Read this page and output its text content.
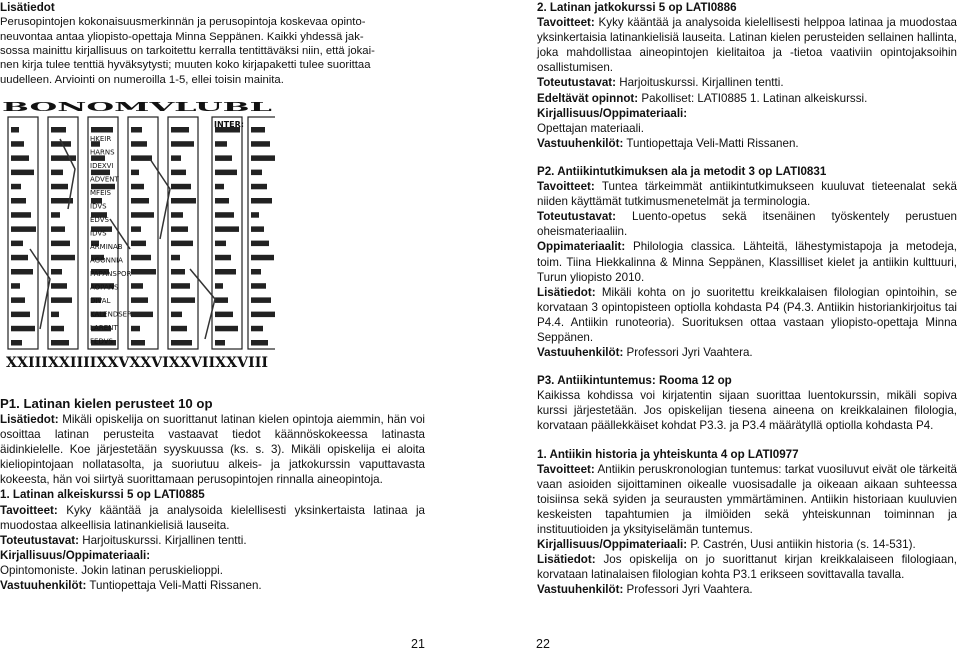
Lisätiedot

Perusopintojen kokonaisuusmerkinnän ja perusopintoja koskevaa opinto-
neuvontaa antaa yliopisto-opettaja Minna Seppänen. Kaikki yhdessä jak-
sossa mainittu kirjallisuus on tarkoitettu kerralla tentittäväksi niin, että jokai-
nen kirja tulee tenttiä hyväksytysti; muuten koko kirjapaketti tulee suorittaa
uudelleen. Arviointi on numeroilla 1-5, ellei toisin mainita.
BONOMVLUBL
XXIIIXXIIIIXXVXXVIXXVIIXXVIII
INTER:
HKEIR
HARNS
IDEXVI
ADVENT
MFEIS
IDVS
EDVS
IDVS
ARMINAB
AGONNIA
PAPANSPOR
AOPANS
DIVAL
KALENDSER
LARENT
FEDVS

P1. Latinan kielen perusteet 10 op

Lisätiedot: Mikäli opiskelija on suorittanut latinan kielen opintoja aiemmin, hän voi osoittaa latinan perusteita vastaavat tiedot käännöskokeessa latinasta äidinkielelle. Koe järjestetään syyskuussa (ks. s. 3). Mikäli opiskelija ei aloita kieliopintojaan nollatasolta, ja suoriutuu alkeis- ja jatkokurssin vaputtavasta kokeesta, hän voi siirtyä suorittamaan perusopintojen rinnalla aineopintoja.

1. Latinan alkeiskurssi 5 op LATI0885

Tavoitteet: Kyky kääntää ja analysoida kielellisesti yksinkertaista latinaa ja muodostaa alkeellisia latinankielisiä lauseita.

Toteutustavat: Harjoituskurssi. Kirjallinen tentti.

Kirjallisuus/Oppimateriaali:

Opintomoniste. Jokin latinan peruskielioppi.

Vastuuhenkilöt: Tuntiopettaja Veli-Matti Rissanen.

2. Latinan jatkokurssi 5 op LATI0886

Tavoitteet: Kyky kääntää ja analysoida kielellisesti helppoa latinaa ja muodostaa yksinkertaisia latinankielisiä lauseita. Latinan kielen perusteiden sellainen hallinta, joka mahdollistaa aineopintojen kielitaitoa ja -tietoa vaativiin opintojaksoihin osallistumisen.

Toteutustavat: Harjoituskurssi. Kirjallinen tentti.

Edeltävät opinnot: Pakolliset: LATI0885 1. Latinan alkeiskurssi.

Kirjallisuus/Oppimateriaali:

Opettajan materiaali.

Vastuuhenkilöt: Tuntiopettaja Veli-Matti Rissanen.

P2. Antiikintutkimuksen ala ja metodit 3 op LATI0831

Tavoitteet: Tuntea tärkeimmät antiikintutkimukseen kuuluvat tieteenalat sekä niiden käyttämät tutkimusmenetelmät ja terminologia.

Toteutustavat: Luento-opetus sekä itsenäinen työskentely perustuen oheismateriaaliin.

Oppimateriaalit: Philologia classica. Lähteitä, lähestymistapoja ja metodeja, toim. Tiina Hiekkalinna & Minna Seppänen, Klassilliset kielet ja antiikin kulttuuri, Turun yliopisto 2010.

Lisätiedot: Mikäli kohta on jo suoritettu kreikkalaisen filologian opintoihin, se korvataan 3 opintopisteen optiolla kohdasta P4 (P4.3. Antiikin historiankirjoitus tai P4.4. Antiikin runoteoria). Suorituksen ottaa vastaan yliopisto-opettaja Minna Seppänen.

Vastuuhenkilöt: Professori Jyri Vaahtera.

P3. Antiikintuntemus: Rooma 12 op

Kaikissa kohdissa voi kirjatentin sijaan suorittaa luentokurssin, mikäli sopiva kurssi järjestetään. Jos opiskelijan tiesena aineena on kreikkalainen filologia, korvataan päällekkäiset kohdat P3.3. ja P3.4 määrätyllä optiolla kohdasta P4.

1. Antiikin historia ja yhteiskunta 4 op LATI0977

Tavoitteet: Antiikin peruskronologian tuntemus: tarkat vuosiluvut eivät ole tärkeitä vaan asioiden sijoittaminen oikealle vuosisadalle ja oikeaan aikaan suhteessa toisiinsa sekä syiden ja seurausten ymmärtäminen. Antiikin historiaan kuuluvien keskeisten tapahtumien ja ilmiöiden sekä yhteiskunnan toiminnan ja instituutioiden ja yksityiselämän tuntemus.

Kirjallisuus/Oppimateriaali: P. Castrén, Uusi antiikin historia (s. 14-531).

Lisätiedot: Jos opiskelija on jo suorittanut kirjan kreikkalaiseen filologiaan, korvataan latinalaisen filologian kohta P3.1 erikseen sovittavalla tavalla.

Vastuuhenkilöt: Professori Jyri Vaahtera.

21	22
